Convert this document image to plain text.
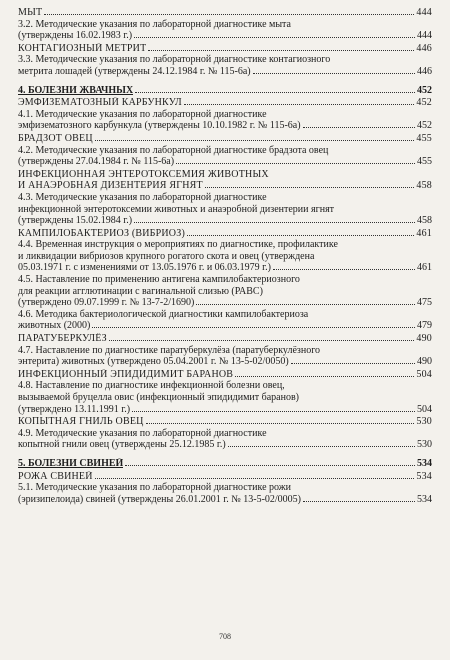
МЫТ	444
3.2. Методические указания по лабораторной диагностике мыта
(утверждены 16.02.1983 г.)	444
КОНТАГИОЗНЫЙ МЕТРИТ	446
3.3. Методические указания по лабораторной диагностике контагиозного
метрита лошадей (утверждены 24.12.1984 г. № 115-6а)	446
4. БОЛЕЗНИ ЖВАЧНЫХ	452
ЭМФИЗЕМАТОЗНЫЙ КАРБУНКУЛ	452
4.1. Методические указания по лабораторной диагностике
эмфизематозного карбункула (утверждены 10.10.1982 г. № 115-6а)	452
БРАДЗОТ ОВЕЦ	455
4.2. Методические указания по лабораторной диагностике брадзота овец
(утверждены 27.04.1984 г. № 115-6а)	455
ИНФЕКЦИОННАЯ ЭНТЕРОТОКСЕМИЯ ЖИВОТНЫХ
И АНАЭРОБНАЯ ДИЗЕНТЕРИЯ ЯГНЯТ	458
4.3. Методические указания по лабораторной диагностике
инфекционной энтеротоксемии животных и анаэробной дизентерии ягнят
(утверждены 15.02.1984 г.)	458
КАМПИЛОБАКТЕРИОЗ (ВИБРИОЗ)	461
4.4. Временная инструкция о мероприятиях по диагностике, профилактике
и ликвидации вибриозов крупного рогатого скота и овец (утверждена
05.03.1971 г. с изменениями от 13.05.1976 г. и 06.03.1979 г.)	461
4.5. Наставление по применению антигена кампилобактериозного
для реакции агглютинации с вагинальной слизью (РАВС)
(утверждено 09.07.1999 г. № 13-7-2/1690)	475
4.6. Методика бактериологической диагностики кампилобактериоза
животных (2000)	479
ПАРАТУБЕРКУЛЁЗ	490
4.7. Наставление по диагностике паратуберкулёза (паратуберкулёзного
энтерита) животных (утверждено 05.04.2001 г. № 13-5-02/0050)	490
ИНФЕКЦИОННЫЙ ЭПИДИДИМИТ БАРАНОВ	504
4.8. Наставление по диагностике инфекционной болезни овец,
вызываемой бруцелла овис (инфекционный эпидидимит баранов)
(утверждено 13.11.1991 г.)	504
КОПЫТНАЯ ГНИЛЬ ОВЕЦ	530
4.9. Методические указания по лабораторной диагностике
копытной гнили овец (утверждены 25.12.1985 г.)	530
5. БОЛЕЗНИ СВИНЕЙ	534
РОЖА СВИНЕЙ	534
5.1. Методические указания по лабораторной диагностике рожи
(эризипелоида) свиней (утверждены 26.01.2001 г. № 13-5-02/0005)	534
708
